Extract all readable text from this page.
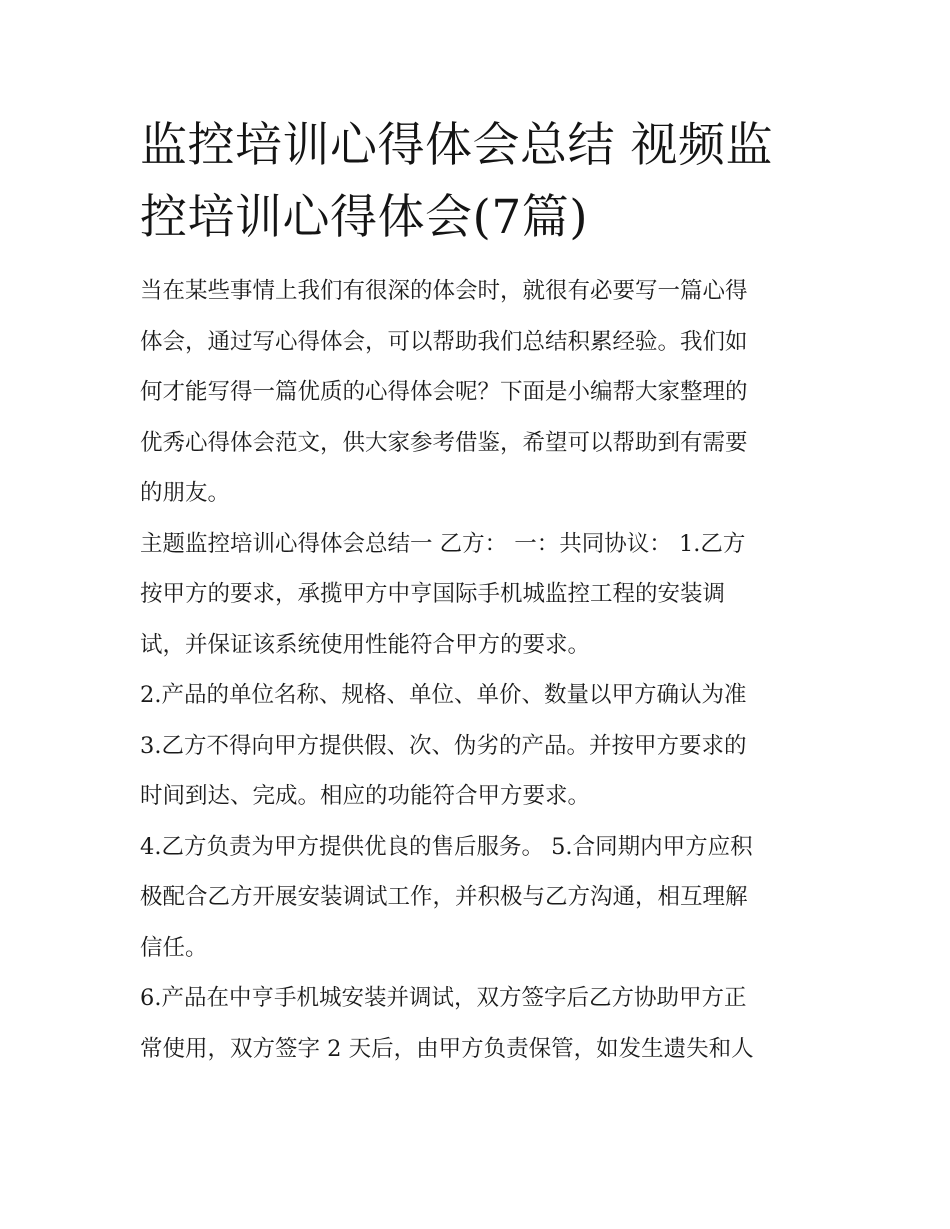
监控培训心得体会总结 视频监
控培训心得体会(7篇)

当在某些事情上我们有很深的体会时，就很有必要写一篇心得
体会，通过写心得体会，可以帮助我们总结积累经验。我们如
何才能写得一篇优质的心得体会呢？下面是小编帮大家整理的
优秀心得体会范文，供大家参考借鉴，希望可以帮助到有需要
的朋友。

主题监控培训心得体会总结一 乙方： 一：共同协议： 1.乙方
按甲方的要求，承揽甲方中亨国际手机城监控工程的安装调
试，并保证该系统使用性能符合甲方的要求。

2.产品的单位名称、规格、单位、单价、数量以甲方确认为准

3.乙方不得向甲方提供假、次、伪劣的产品。并按甲方要求的
时间到达、完成。相应的功能符合甲方要求。

4.乙方负责为甲方提供优良的售后服务。 5.合同期内甲方应积
极配合乙方开展安装调试工作，并积极与乙方沟通，相互理解
信任。

6.产品在中亨手机城安装并调试，双方签字后乙方协助甲方正
常使用，双方签字 2 天后，由甲方负责保管，如发生遗失和人
